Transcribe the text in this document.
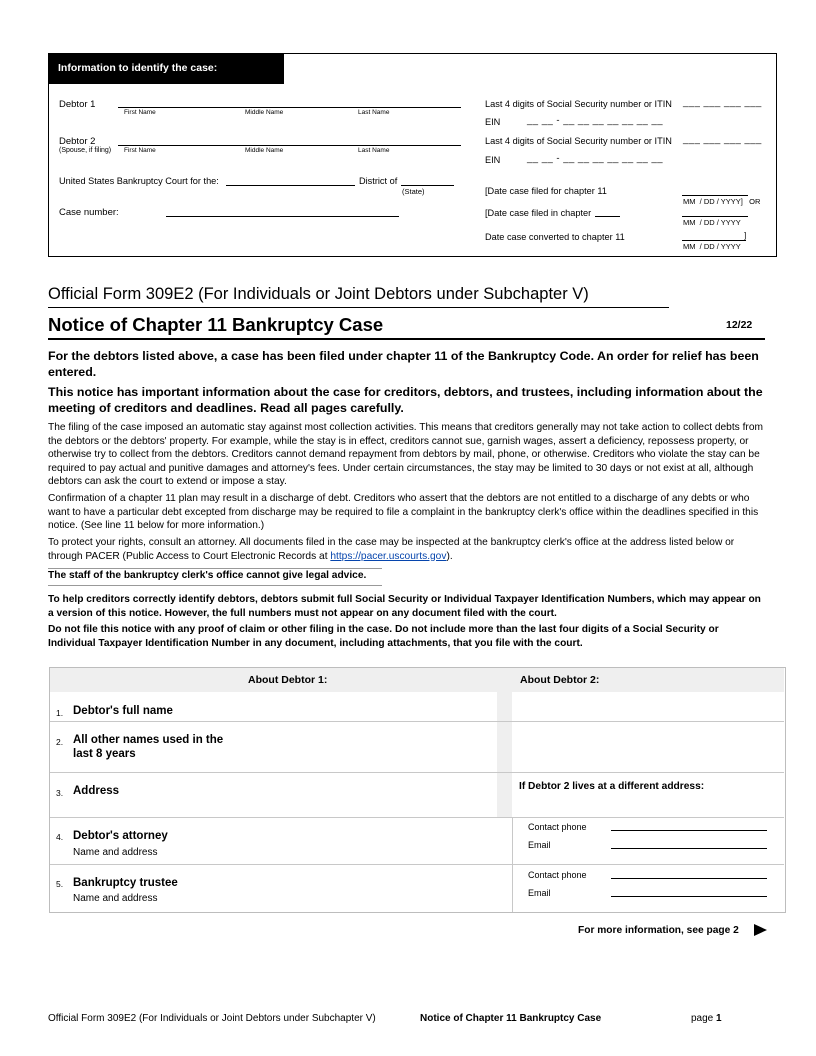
Information to identify the case:
Debtor 1
First Name	Middle Name	Last Name
Debtor 2
(Spouse, if filing) First Name	Middle Name	Last Name
United States Bankruptcy Court for the:	District of
(State)
Case number:
Last 4 digits of Social Security number or ITIN ___ ___ ___ ___
EIN	__ __ - __ __ __ __ __ __ __
Last 4 digits of Social Security number or ITIN ___ ___ ___ ___
EIN	__ __ - __ __ __ __ __ __ __
[Date case filed for chapter 11
MM  / DD / YYYY]   OR
[Date case filed in chapter
MM  / DD / YYYY
Date case converted to chapter 11	]
MM  / DD / YYYY
Official Form 309E2 (For Individuals or Joint Debtors under Subchapter V)
Notice of Chapter 11 Bankruptcy Case	12/22
For the debtors listed above, a case has been filed under chapter 11 of the Bankruptcy Code. An order for relief has been entered.
This notice has important information about the case for creditors, debtors, and trustees, including information about the meeting of creditors and deadlines. Read all pages carefully.
The filing of the case imposed an automatic stay against most collection activities. This means that creditors generally may not take action to collect debts from the debtors or the debtors' property. For example, while the stay is in effect, creditors cannot sue, garnish wages, assert a deficiency, repossess property, or otherwise try to collect from the debtors. Creditors cannot demand repayment from debtors by mail, phone, or otherwise. Creditors who violate the stay can be required to pay actual and punitive damages and attorney's fees. Under certain circumstances, the stay may be limited to 30 days or not exist at all, although debtors can ask the court to extend or impose a stay.
Confirmation of a chapter 11 plan may result in a discharge of debt. Creditors who assert that the debtors are not entitled to a discharge of any debts or who want to have a particular debt excepted from discharge may be required to file a complaint in the bankruptcy clerk's office within the deadlines specified in this notice. (See line 11 below for more information.)
To protect your rights, consult an attorney. All documents filed in the case may be inspected at the bankruptcy clerk's office at the address listed below or through PACER (Public Access to Court Electronic Records at https://pacer.uscourts.gov).
The staff of the bankruptcy clerk's office cannot give legal advice.
To help creditors correctly identify debtors, debtors submit full Social Security or Individual Taxpayer Identification Numbers, which may appear on a version of this notice. However, the full numbers must not appear on any document filed with the court.
Do not file this notice with any proof of claim or other filing in the case. Do not include more than the last four digits of a Social Security or Individual Taxpayer Identification Number in any document, including attachments, that you file with the court.
About Debtor 1:	About Debtor 2:
1. Debtor's full name
2. All other names used in the last 8 years
3. Address	If Debtor 2 lives at a different address:
4. Debtor's attorney
Name and address
Contact phone
Email
5. Bankruptcy trustee
Name and address
Contact phone
Email
For more information, see page 2
Official Form 309E2 (For Individuals or Joint Debtors under Subchapter V)	Notice of Chapter 11 Bankruptcy Case	page 1
